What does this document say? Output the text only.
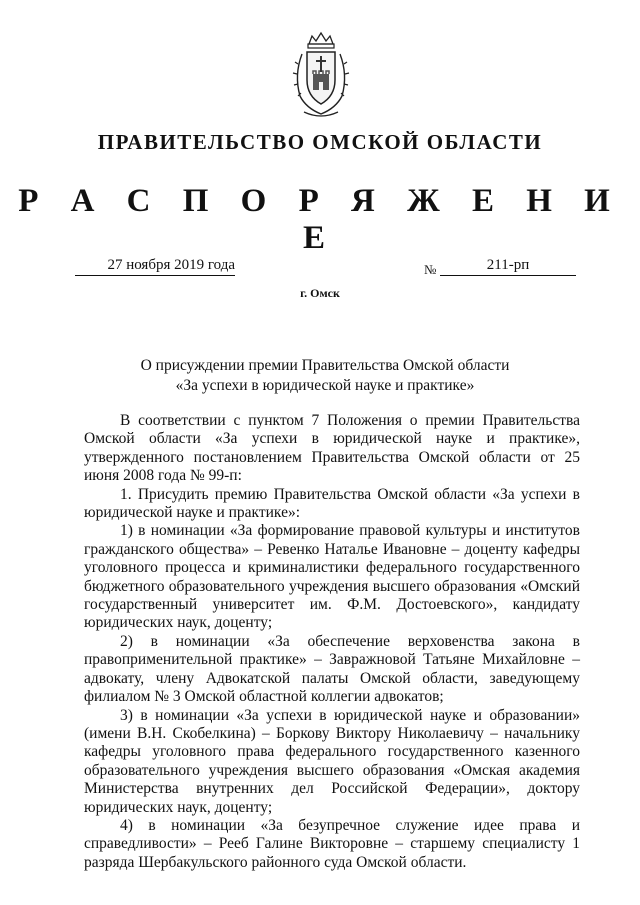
ПРАВИТЕЛЬСТВО ОМСКОЙ ОБЛАСТИ
Р А С П О Р Я Ж Е Н И Е
27 ноября 2019 года	№	211-рп
г. Омск
О присуждении премии Правительства Омской области
«За успехи в юридической науке и практике»

В соответствии с пунктом 7 Положения о премии Правительства Омской области «За успехи в юридической науке и практике», утвержденного постановлением Правительства Омской области от 25 июня 2008 года № 99-п:

1. Присудить премию Правительства Омской области «За успехи в юридической науке и практике»:

1) в номинации «За формирование правовой культуры и институтов гражданского общества» – Ревенко Наталье Ивановне – доценту кафедры уголовного процесса и криминалистики федерального государственного бюджетного образовательного учреждения высшего образования «Омский государственный университет им. Ф.М. Достоевского», кандидату юридических наук, доценту;

2) в номинации «За обеспечение верховенства закона в правоприменительной практике» – Завражновой Татьяне Михайловне – адвокату, члену Адвокатской палаты Омской области, заведующему филиалом № 3 Омской областной коллегии адвокатов;

3) в номинации «За успехи в юридической науке и образовании» (имени В.Н. Скобелкина) – Боркову Виктору Николаевичу – начальнику кафедры уголовного права федерального государственного казенного образовательного учреждения высшего образования «Омская академия Министерства внутренних дел Российской Федерации», доктору юридических наук, доценту;

4) в номинации «За безупречное служение идее права и справедливости» – Рееб Галине Викторовне – старшему специалисту 1 разряда Шербакульского районного суда Омской области.
